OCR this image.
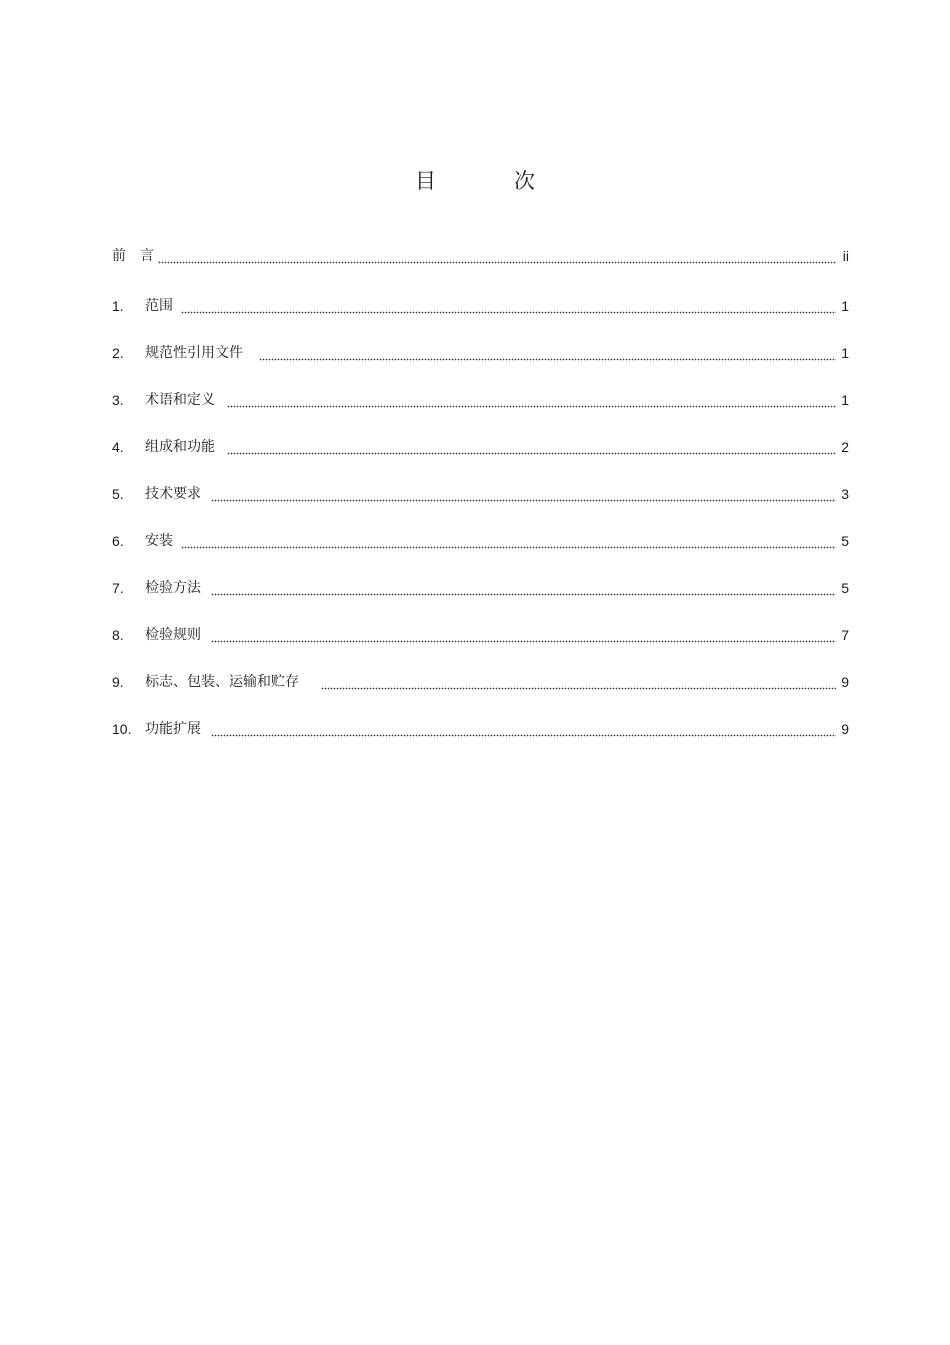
目	次
前　言	ii
1.	范围	1
2.	规范性引用文件	1
3.	术语和定义	1
4.	组成和功能	2
5.	技术要求	3
6.	安装	5
7.	检验方法	5
8.	检验规则	7
9.	标志、包装、运输和贮存	9
10. 功能扩展	9
